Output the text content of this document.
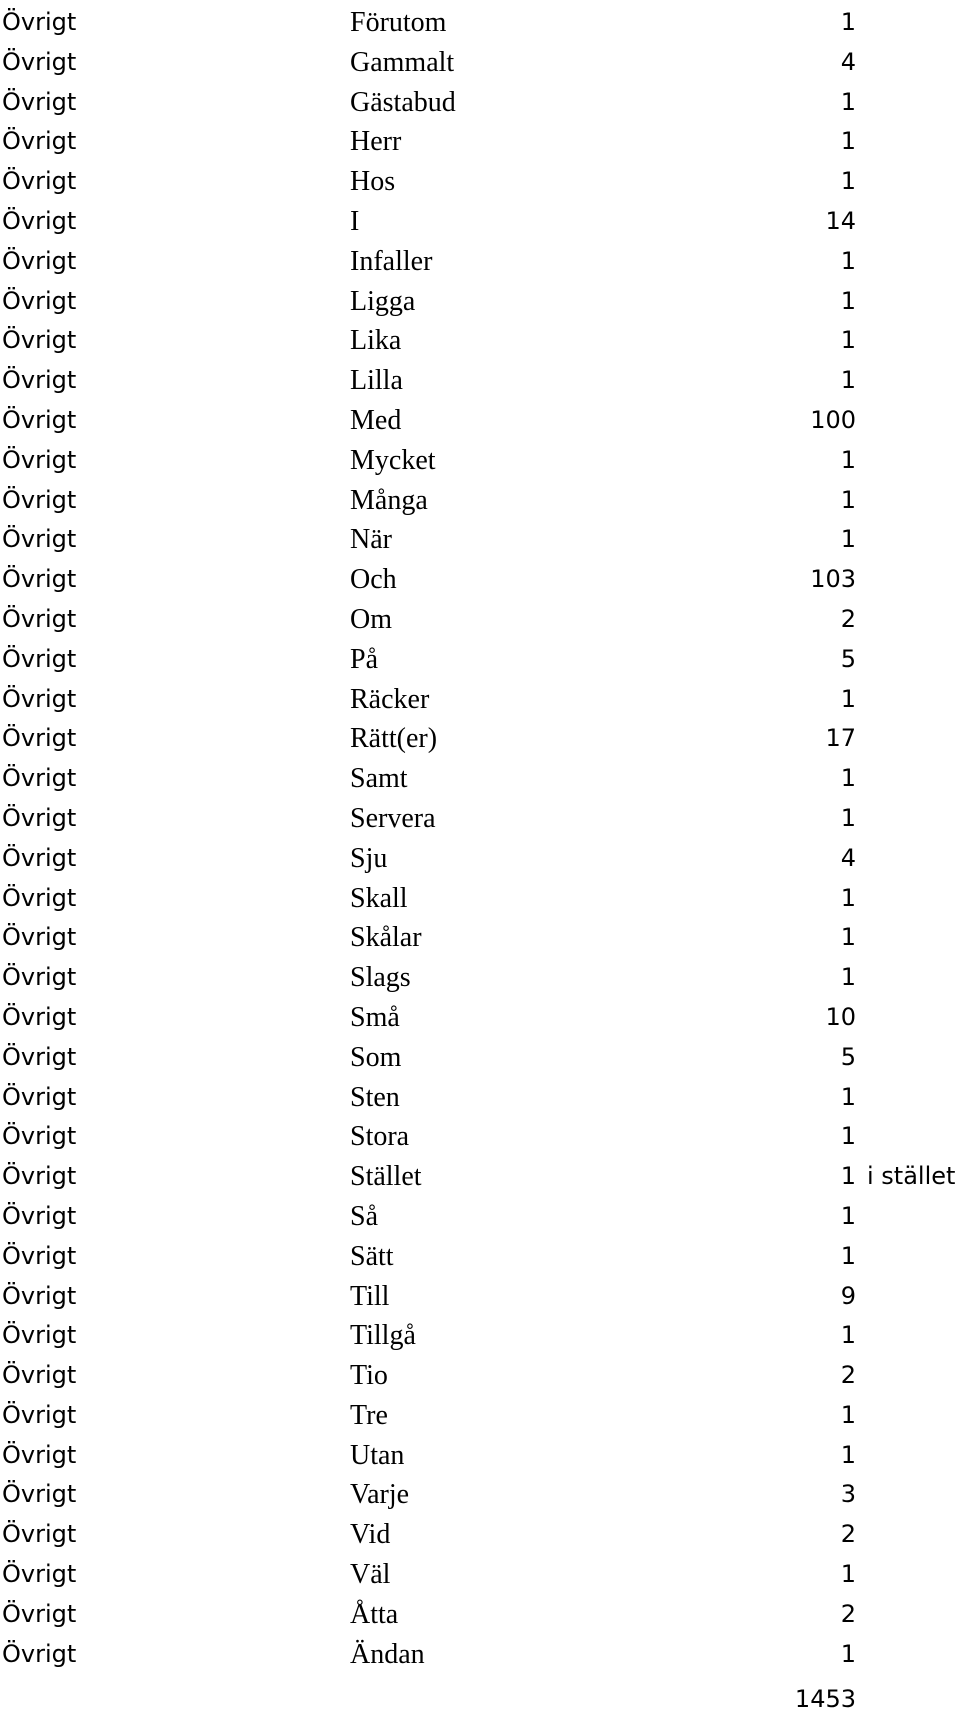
Övrigt	Förutom	1
Övrigt	Gammalt	4
Övrigt	Gästabud	1
Övrigt	Herr	1
Övrigt	Hos	1
Övrigt	I	14
Övrigt	Infaller	1
Övrigt	Ligga	1
Övrigt	Lika	1
Övrigt	Lilla	1
Övrigt	Med	100
Övrigt	Mycket	1
Övrigt	Många	1
Övrigt	När	1
Övrigt	Och	103
Övrigt	Om	2
Övrigt	På	5
Övrigt	Räcker	1
Övrigt	Rätt(er)	17
Övrigt	Samt	1
Övrigt	Servera	1
Övrigt	Sju	4
Övrigt	Skall	1
Övrigt	Skålar	1
Övrigt	Slags	1
Övrigt	Små	10
Övrigt	Som	5
Övrigt	Sten	1
Övrigt	Stora	1
Övrigt	Stället	1 i stället
Övrigt	Så	1
Övrigt	Sätt	1
Övrigt	Till	9
Övrigt	Tillgå	1
Övrigt	Tio	2
Övrigt	Tre	1
Övrigt	Utan	1
Övrigt	Varje	3
Övrigt	Vid	2
Övrigt	Väl	1
Övrigt	Åtta	2
Övrigt	Ändan	1
1453
